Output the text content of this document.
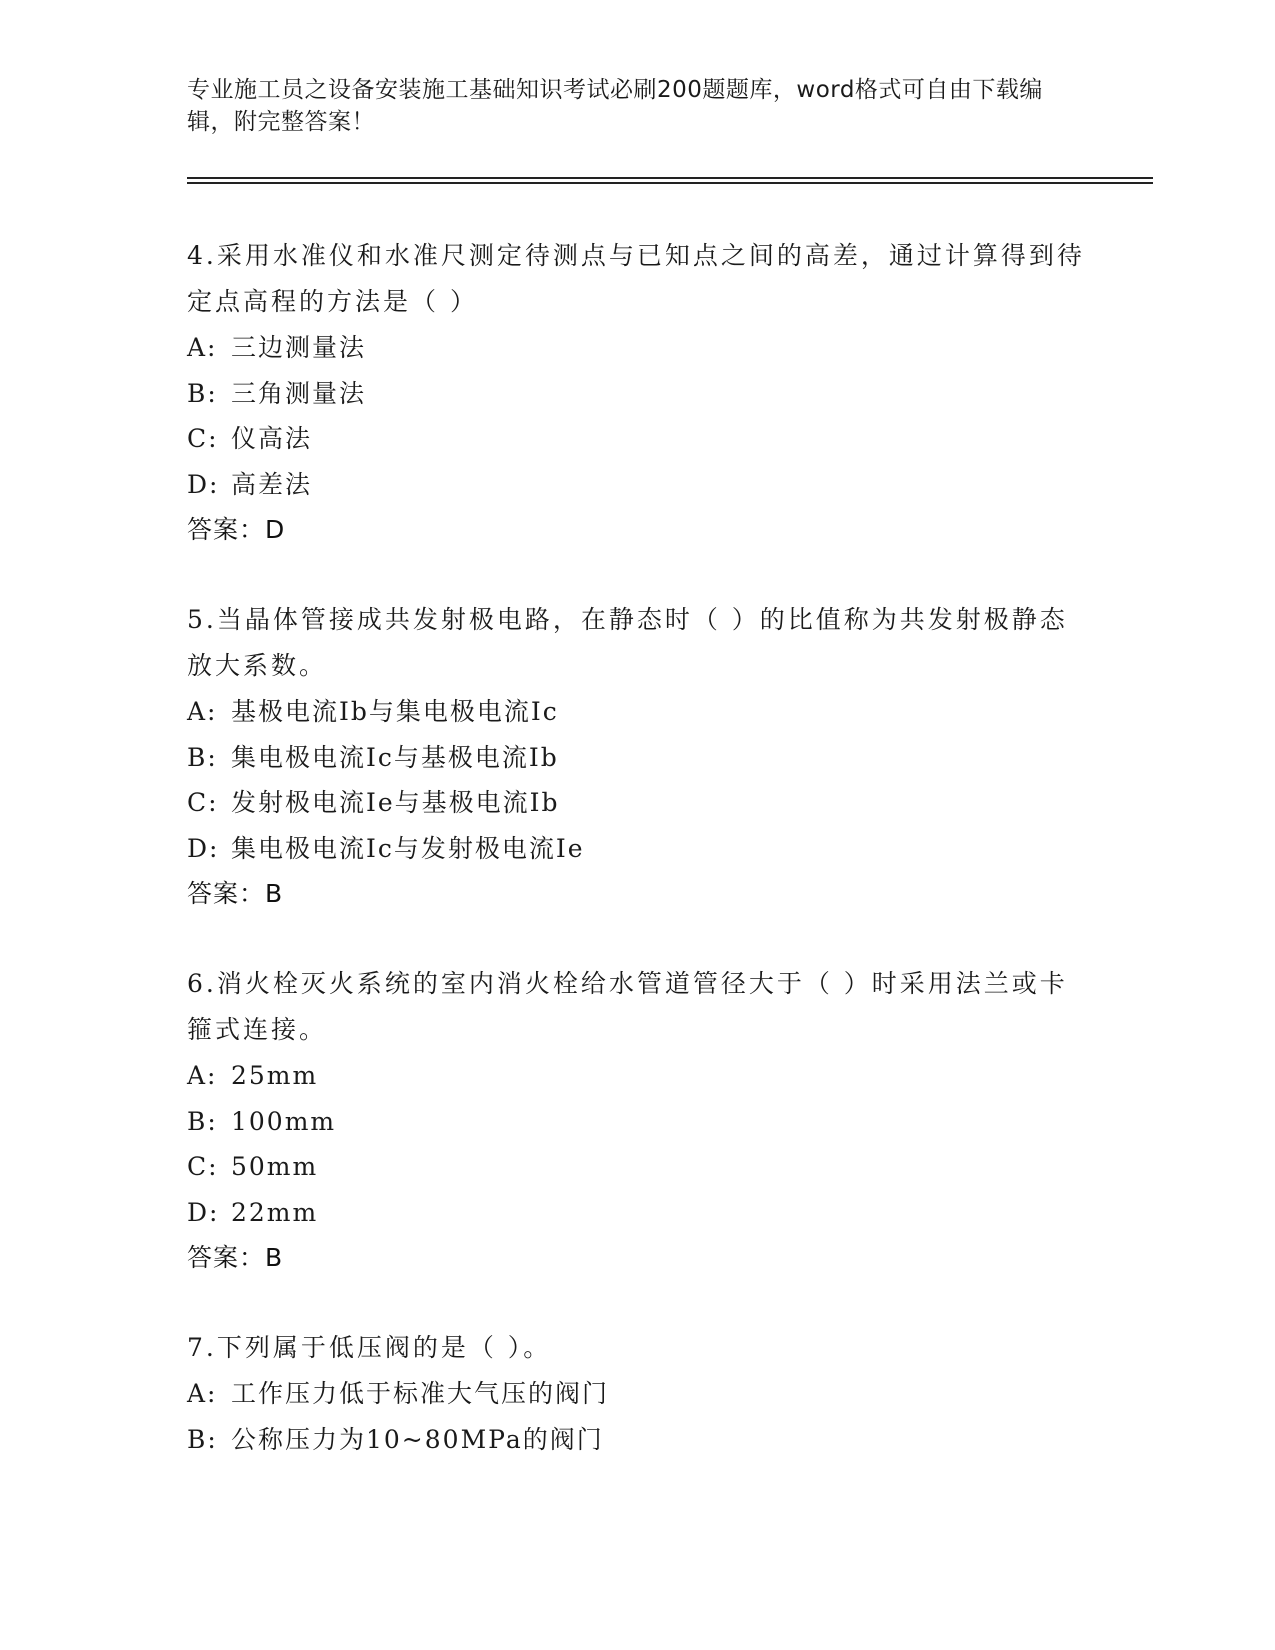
专业施工员之设备安装施工基础知识考试必刷200题题库，word格式可自由下载编辑，附完整答案！

4.采用水准仪和水准尺测定待测点与已知点之间的高差，通过计算得到待定点高程的方法是（ ）

A: 三边测量法
B: 三角测量法
C: 仪高法
D: 高差法
答案：D

5.当晶体管接成共发射极电路，在静态时（ ）的比值称为共发射极静态放大系数。

A: 基极电流Ib与集电极电流Ic
B: 集电极电流Ic与基极电流Ib
C: 发射极电流Ie与基极电流Ib
D: 集电极电流Ic与发射极电流Ie
答案：B

6.消火栓灭火系统的室内消火栓给水管道管径大于（ ）时采用法兰或卡箍式连接。

A: 25mm
B: 100mm
C: 50mm
D: 22mm
答案：B

7.下列属于低压阀的是（ ）。

A: 工作压力低于标准大气压的阀门
B: 公称压力为10~80MPa的阀门
